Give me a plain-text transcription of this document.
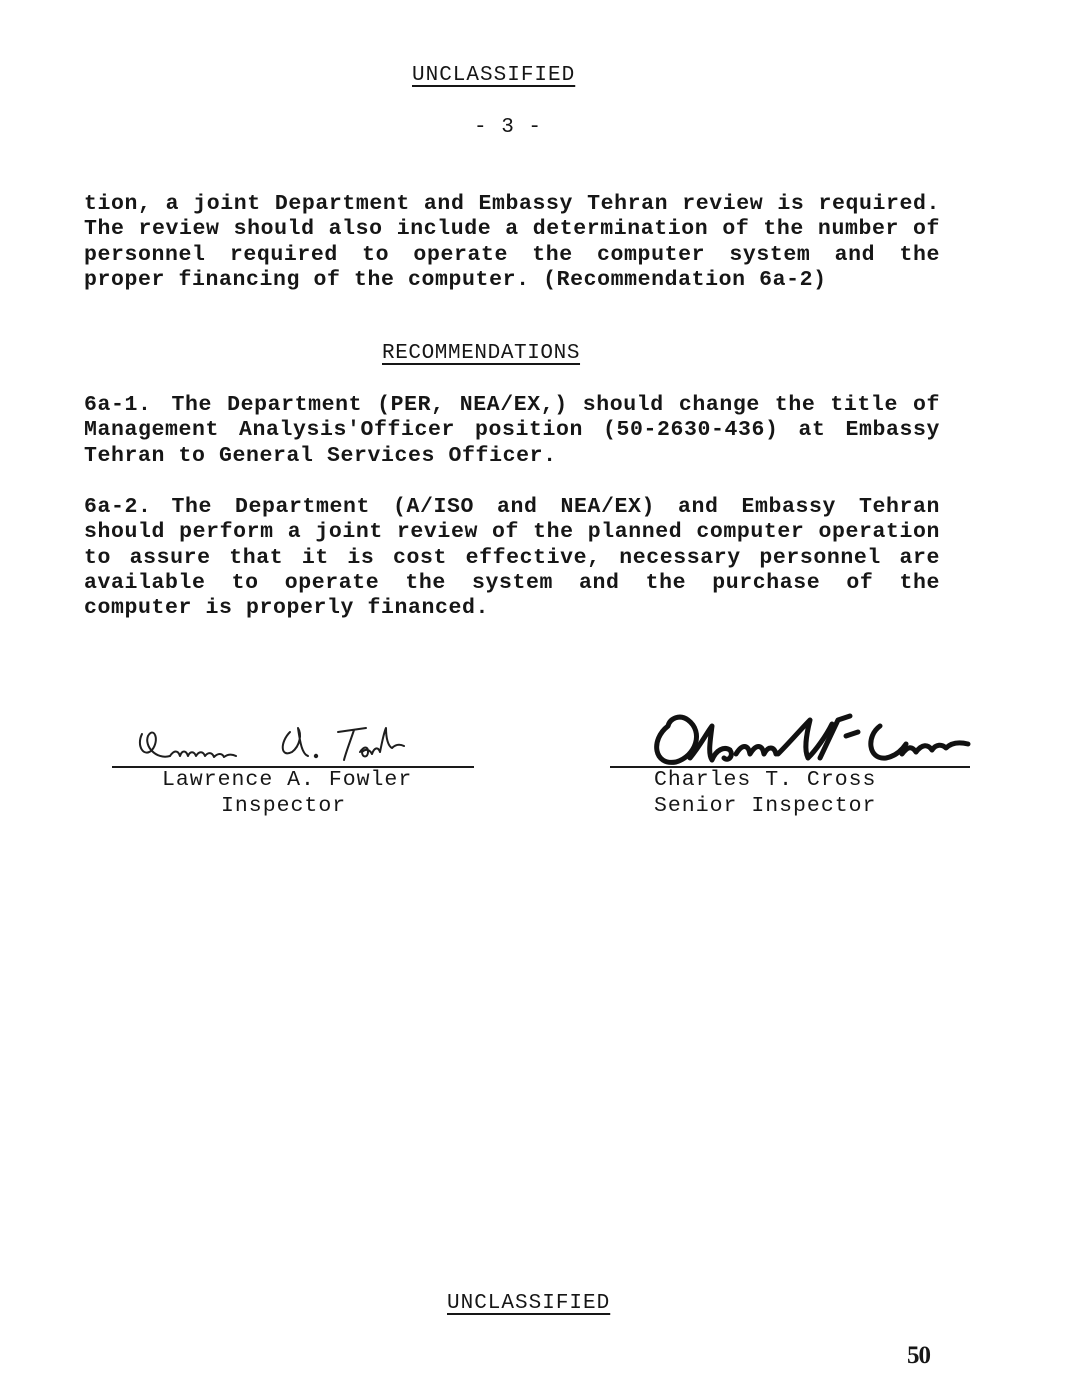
UNCLASSIFIED
- 3 -
tion, a joint Department and Embassy Tehran review is required. The review should also include a determination of the number of personnel required to operate the computer system and the proper financing of the computer. (Recommendation 6a-2)
RECOMMENDATIONS
6a-1. The Department (PER, NEA/EX,) should change the title of Management Analysis'Officer position (50-2630-436) at Embassy Tehran to General Services Officer.
6a-2. The Department (A/ISO and NEA/EX) and Embassy Tehran should perform a joint review of the planned computer operation to assure that it is cost effective, necessary personnel are available to operate the system and the purchase of the computer is properly financed.
Lawrence A. Fowler
Inspector
Charles T. Cross
Senior Inspector
UNCLASSIFIED
50
